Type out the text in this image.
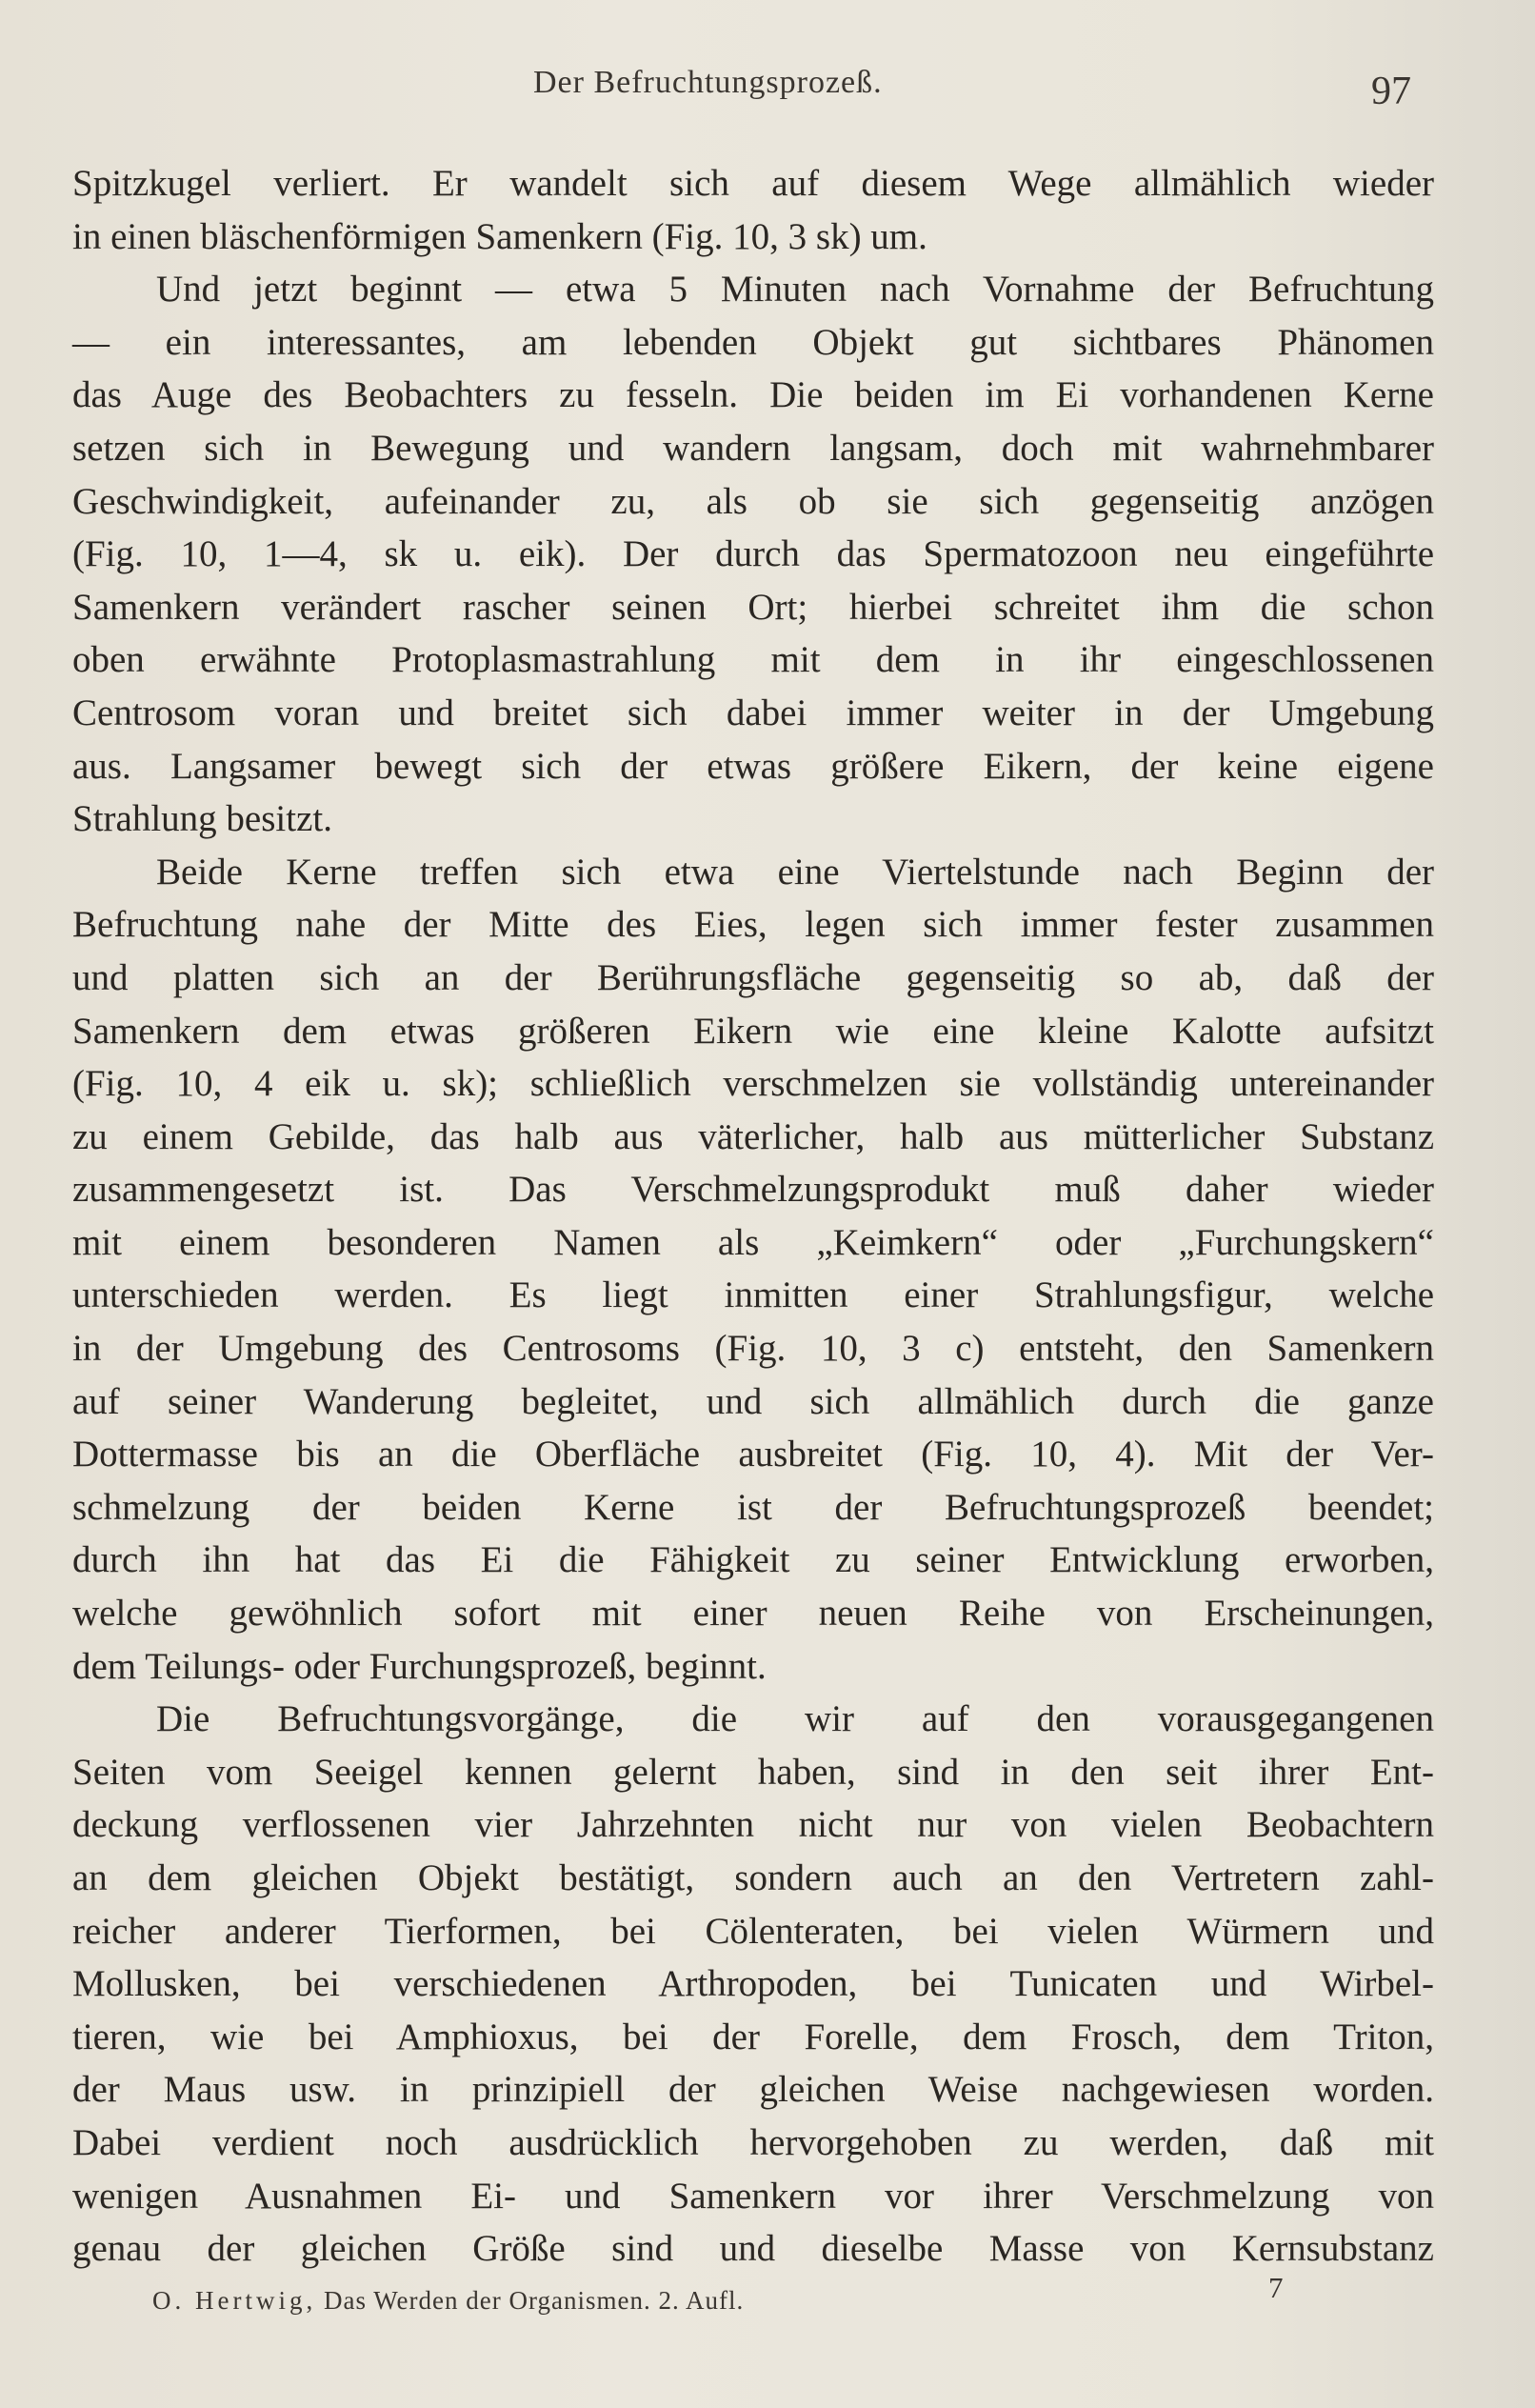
Der Befruchtungsprozeß.	97
Spitzkugel verliert. Er wandelt sich auf diesem Wege allmählich wieder
in einen bläschenförmigen Samenkern (Fig. 10, 3 sk) um.
Und jetzt beginnt — etwa 5 Minuten nach Vornahme der Befruchtung
— ein interessantes, am lebenden Objekt gut sichtbares Phänomen
das Auge des Beobachters zu fesseln. Die beiden im Ei vorhandenen Kerne
setzen sich in Bewegung und wandern langsam, doch mit wahrnehmbarer
Geschwindigkeit, aufeinander zu, als ob sie sich gegenseitig anzögen
(Fig. 10, 1—4, sk u. eik). Der durch das Spermatozoon neu eingeführte
Samenkern verändert rascher seinen Ort; hierbei schreitet ihm die schon
oben erwähnte Protoplasmastrahlung mit dem in ihr eingeschlossenen
Centrosom voran und breitet sich dabei immer weiter in der Umgebung
aus. Langsamer bewegt sich der etwas größere Eikern, der keine eigene
Strahlung besitzt.
Beide Kerne treffen sich etwa eine Viertelstunde nach Beginn der
Befruchtung nahe der Mitte des Eies, legen sich immer fester zusammen
und platten sich an der Berührungsfläche gegenseitig so ab, daß der
Samenkern dem etwas größeren Eikern wie eine kleine Kalotte aufsitzt
(Fig. 10, 4 eik u. sk); schließlich verschmelzen sie vollständig untereinander
zu einem Gebilde, das halb aus väterlicher, halb aus mütterlicher Substanz
zusammengesetzt ist. Das Verschmelzungsprodukt muß daher wieder
mit einem besonderen Namen als „Keimkern“ oder „Furchungskern“
unterschieden werden. Es liegt inmitten einer Strahlungsfigur, welche
in der Umgebung des Centrosoms (Fig. 10, 3 c) entsteht, den Samenkern
auf seiner Wanderung begleitet, und sich allmählich durch die ganze
Dottermasse bis an die Oberfläche ausbreitet (Fig. 10, 4). Mit der Ver-
schmelzung der beiden Kerne ist der Befruchtungsprozeß beendet;
durch ihn hat das Ei die Fähigkeit zu seiner Entwicklung erworben,
welche gewöhnlich sofort mit einer neuen Reihe von Erscheinungen,
dem Teilungs- oder Furchungsprozeß, beginnt.
Die Befruchtungsvorgänge, die wir auf den vorausgegangenen
Seiten vom Seeigel kennen gelernt haben, sind in den seit ihrer Ent-
deckung verflossenen vier Jahrzehnten nicht nur von vielen Beobachtern
an dem gleichen Objekt bestätigt, sondern auch an den Vertretern zahl-
reicher anderer Tierformen, bei Cölenteraten, bei vielen Würmern und
Mollusken, bei verschiedenen Arthropoden, bei Tunicaten und Wirbel-
tieren, wie bei Amphioxus, bei der Forelle, dem Frosch, dem Triton,
der Maus usw. in prinzipiell der gleichen Weise nachgewiesen worden.
Dabei verdient noch ausdrücklich hervorgehoben zu werden, daß mit
wenigen Ausnahmen Ei- und Samenkern vor ihrer Verschmelzung von
genau der gleichen Größe sind und dieselbe Masse von Kernsubstanz
O. Hertwig, Das Werden der Organismen. 2. Aufl.	7
